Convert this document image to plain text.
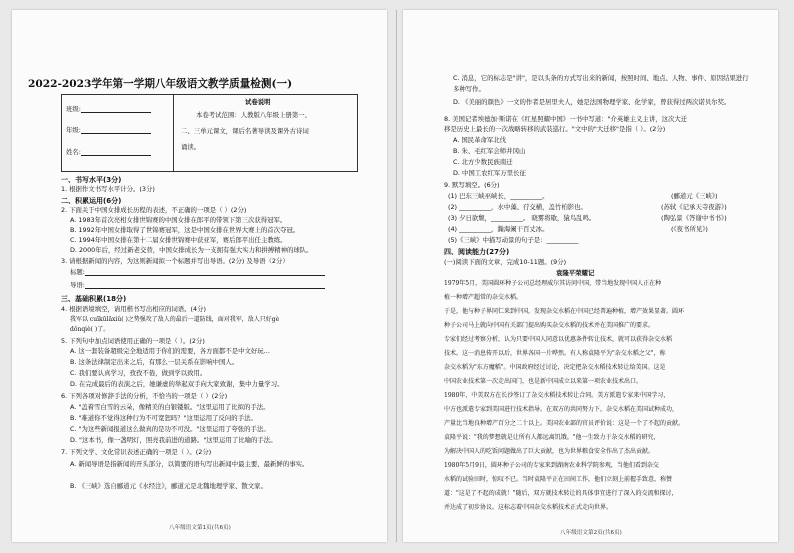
2022-2023学年第一学期八年级语文教学质量检测(一)
班级:
年级:
姓名:
试卷说明
本卷考试范围：人教版八年级上册第一、
二、三单元课文，课后名著导读及课外古诗词
诵读。
一、书写水平(3分)
1. 根据作文书写水平计分。(3分)
二、积累运用(6分)
2. 下面关于中国女排成长历程的表述，不正确的一项是（ ）(2分)
A. 1983年首次亮相女排世锦赛的中国女排在郎平的带领下第三次获得冠军。
B. 1992年中国女排取得了世锦赛冠军，这是中国女排在世界大赛上的首次夺冠。
C. 1994年中国女排在第十二届女排世锦赛中获亚军，赛后郎平出任主教练。
D. 2000年后，经过新老交替，中国女排成长为一支拥有强大实力和拼搏精神的球队。
3. 请根据新闻的内容，为这则新闻拟一个标题并写出导语。(2分) 及导语（2分）
标题:
导语:
三、基础积累(18分)
4. 根据语境填空，请用楷书写出相应的词语。(4分)
我军以 cuīkūlāxiǔ( )之势强攻了敌人的最后一道防线，面对我军，敌人只好gè
dǒnqiè( )了。
5. 下列句中加点词语使用正确的一项是（ ）。(2分)
A. 这一套装备超级完全地适用于你们的需要，各方面都不是中文好玩…
B. 这条法律制定出来之后，有那么一层关系在影响中国人。
C. 我们要认真学习，孜孜不倦，做到学以致用。
D. 在完成最后的表演之后，她谦虚的举起双手向大家致谢，集中力量学习。
6. 下列各项对修辞手法的分析，不恰当的一项是（ ）(2分)
A. "盖着雪白雪的云朵，像精美的白银镂版。"这里运用了比拟的手法。
B. "难道你不觉得这种行为不可宽恕吗？"这里运用了反问的手法。
C. "为这些新闻报道这么做真的是功不可没。"这里运用了夸张的手法。
D. "这本书，像一盏明灯，照亮我前进的道路。"这里运用了比喻的手法。
7. 下列文学、文化常识表述正确的一项是（ ）。(2分)
A. 新闻导语是指新闻的开头部分，以简要的语句写出新闻中最主要、最新鲜的事实。
B. 《三峡》选自郦道元《水经注》，郦道元是北魏地理学家、散文家。
八年级语文第1页(共6页)
C. 消息，它的标志是"讲"，是以头条的方式写出来的新闻，按照时间、地点、人物、事件、原因结果进行
多种写作。
D. 《美丽的颜色》一文的作者是居里夫人，她是法国物理学家、化学家，曾获得过两次诺贝尔奖。
8. 美国记者埃德加·斯诺在《红星照耀中国》一书中写道："介英雄主义主讲，这次大迁
移是历史上最长的一次战略转移的武装巡行。"文中的"大迁移"是指（ ）。(2分)
A. 国民革命军北伐
B. 朱、毛红军会师井冈山
C. 北方少数民族南迁
D. 中国工农红军万里长征
9. 默写填空。(6分)
(1) 巴东三峡巫峡长，__________。
(2) __________，水中藻、荇交横，盖竹柏影也。
(3) 夕日欲颓，__________。 晓雾将歇，猿鸟乱鸣。
(4) __________，瀚海阑干百丈冰。
(5)《三峡》中描写动景的句子是：__________
(郦道元《三峡》)
(苏轼《记承天寺夜游》)
(陶弘景《答谢中书书》)
(《夜书所见》)
四、阅读能力(27分)
(一)阅读下面的文章，完成10-11题。(9分)
袁隆平荣耀记
1979年5月，美国圆环种子公司总经理威尔其访问中国，带当地发现中国人正在种
植一种增产超常的杂交水稻。
于是，他与种子界同仁来到中国，发现杂交水稻在中国已经普遍种植，增产效果显著。圆环
种子公司马上就向中国有关部门提出购买杂交水稻的技术并在美国推广的要求。
专家们经过考察分析，认为只要中国人同意以优惠条件转让技术，就可以获得杂交水稻
技术。这一消息传开以后，世界各国一片哗然。有人称袁隆平为"杂交水稻之父"，称
杂交水稻为"东方魔稻"。中国政府经过讨论，决定把杂交水稻技术转让给美国。这是
中国农业技术第一次走出国门，也是新中国成立以来第一项农业技术出口。
1980年，中美双方在长沙签订了杂交水稻技术转让合同。美方派遣专家来中国学习，
中方也派遣专家到美国进行技术指导。在双方的共同努力下，杂交水稻在美国试种成功，
产量比当地良种增产百分之二十以上。美国农业部的官员评价说：这是一个了不起的贡献。
袁隆平说："我的梦想就是让所有人都远离饥饿。"他一生致力于杂交水稻的研究，
为解决中国人的吃饭问题做出了巨大贡献，也为世界粮食安全作出了杰出贡献。
1980年5月9日，圆环种子公司的专家来到湖南农业科学院参观，当他们看到杂交
水稻的试验田时，惊叹不已。当时袁隆平正在田间工作，他们立刻上前握手致意，称赞
道："这是了不起的成就！"随后，双方就技术转让的具体事宜进行了深入的交流和探讨，
并达成了初步协议。这标志着中国杂交水稻技术正式走向世界。
八年级语文第2页(共6页)
